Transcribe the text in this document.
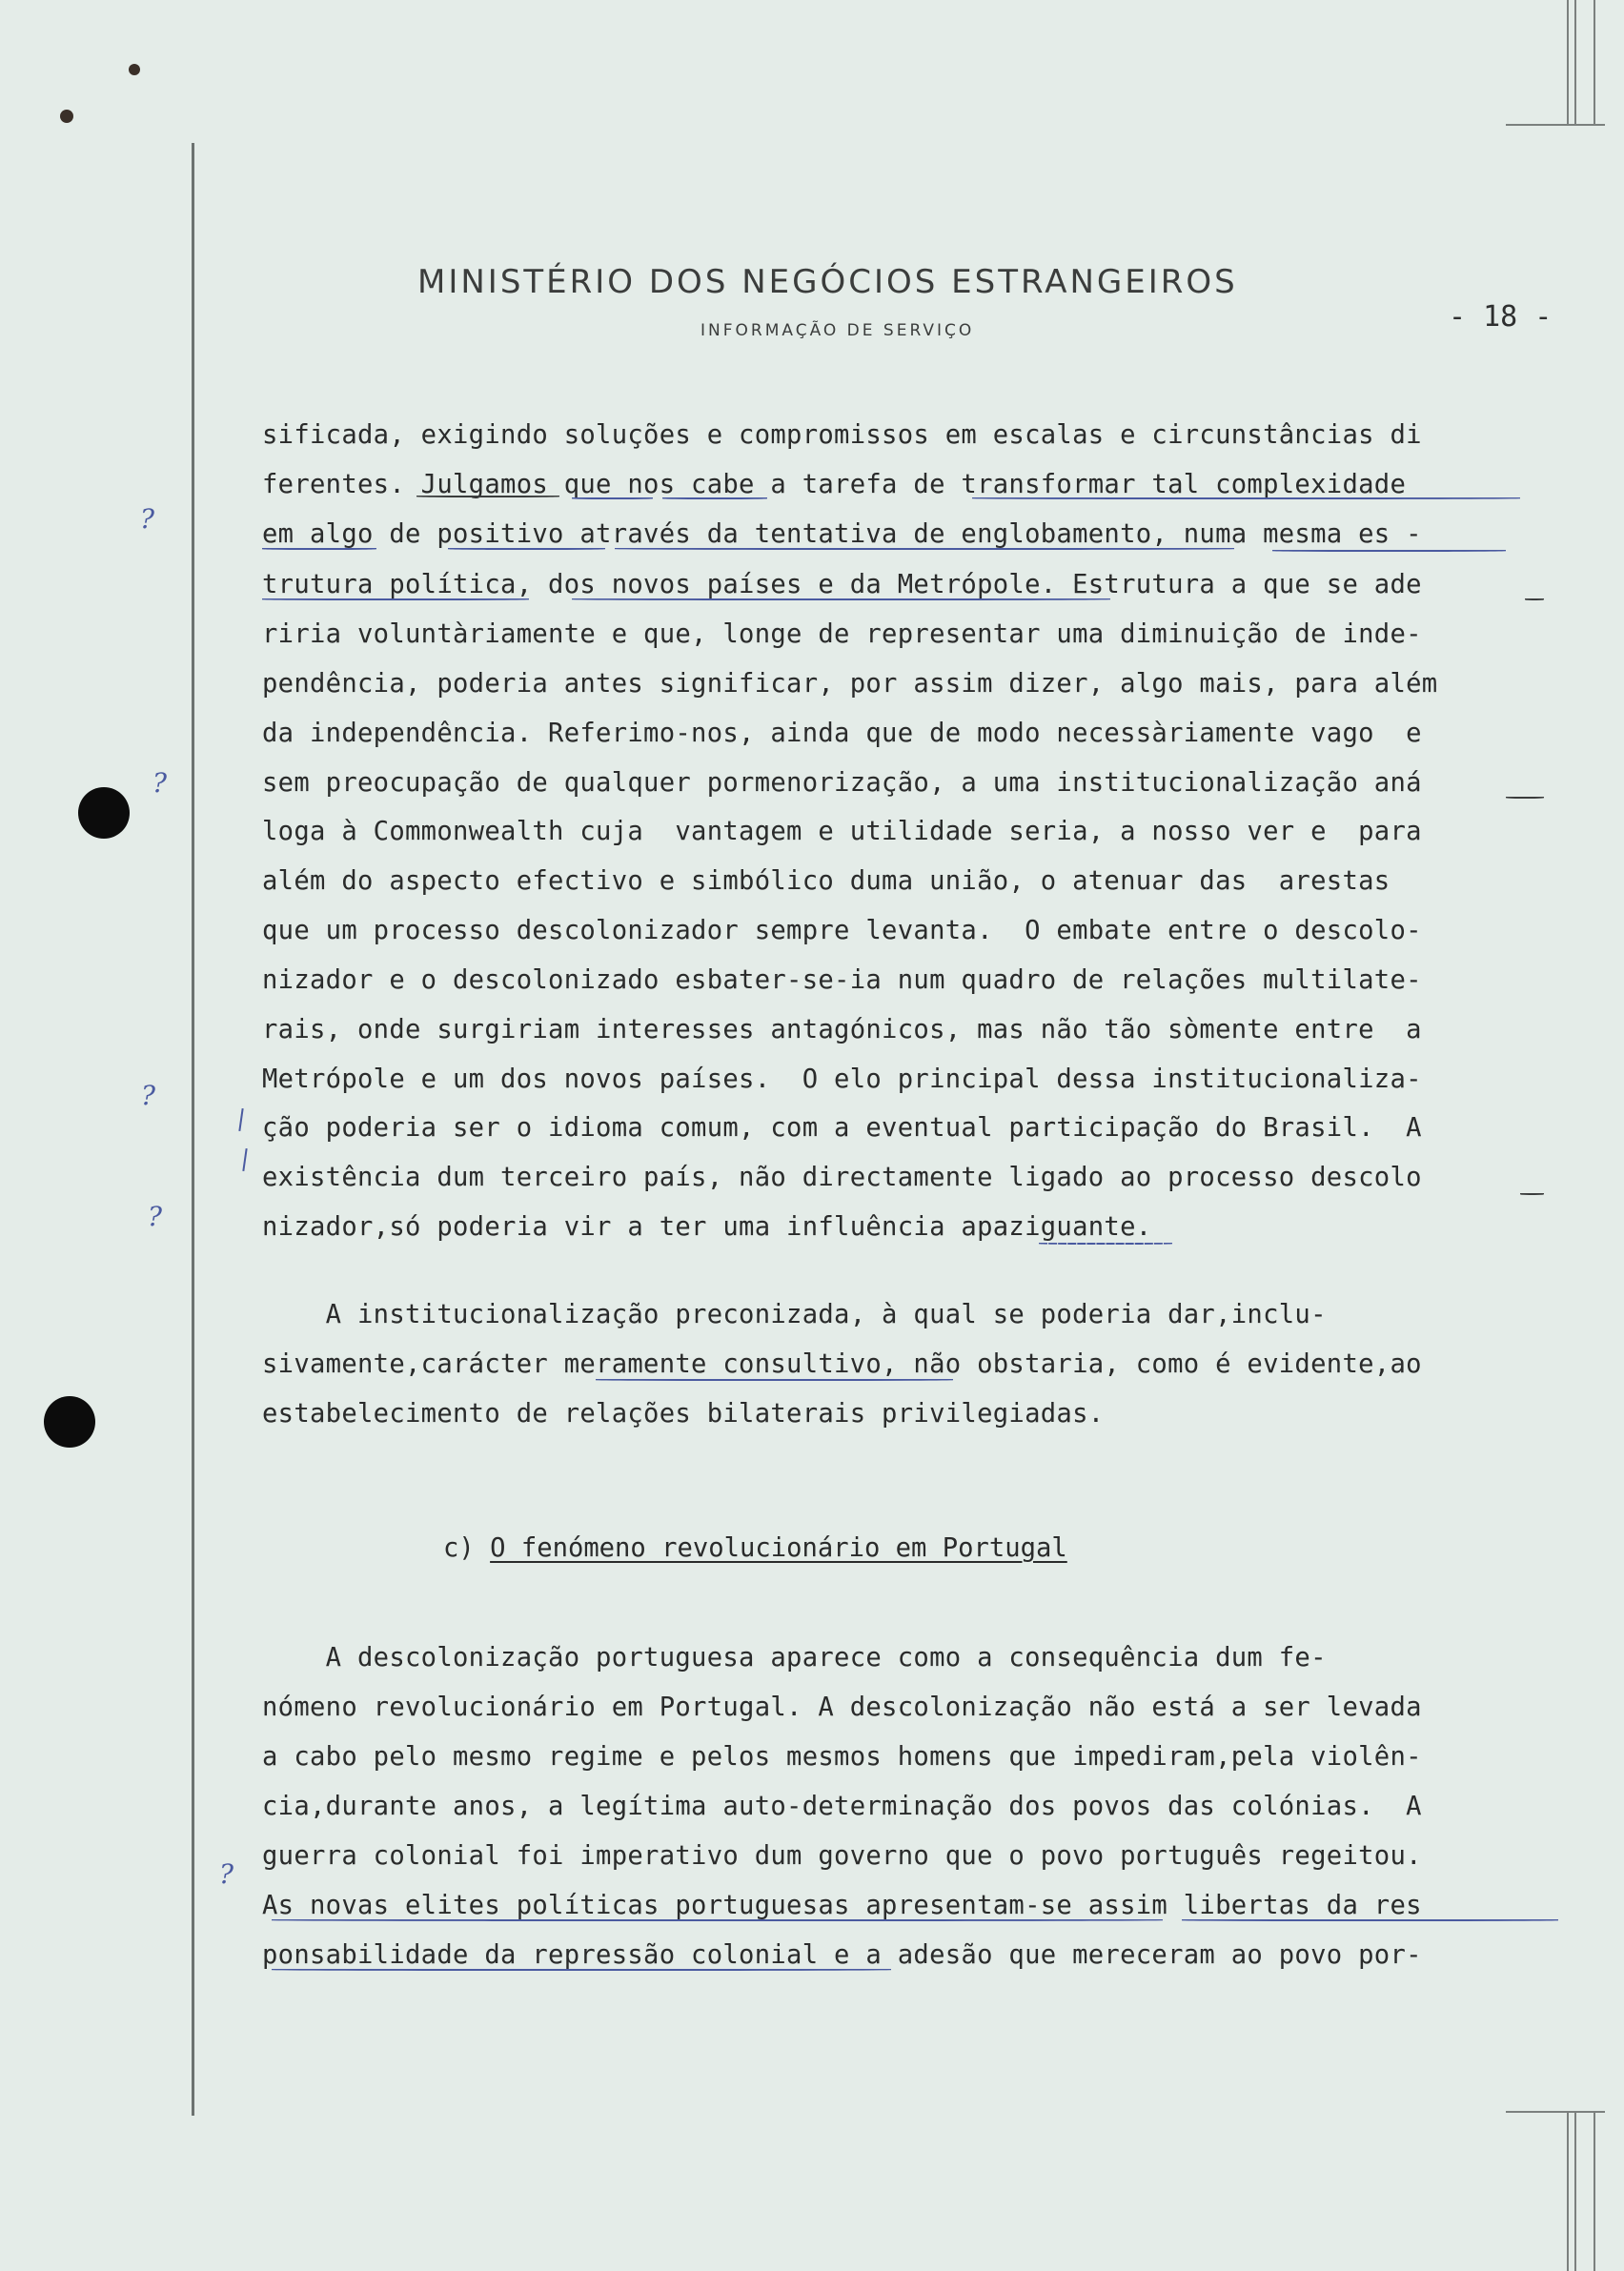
MINISTÉRIO DOS NEGÓCIOS ESTRANGEIROS
INFORMAÇÃO DE SERVIÇO	- 18 -
sificada, exigindo soluções e compromissos em escalas e circunstâncias di
ferentes. Julgamos que nos cabe a tarefa de transformar tal complexidade
em algo de positivo através da tentativa de englobamento, numa mesma es -
trutura política, dos novos países e da Metrópole. Estrutura a que se ade
riria voluntàriamente e que, longe de representar uma diminuição de inde-
pendência, poderia antes significar, por assim dizer, algo mais, para além
da independência. Referimo-nos, ainda que de modo necessàriamente vago  e
sem preocupação de qualquer pormenorização, a uma institucionalização aná
loga à Commonwealth cuja  vantagem e utilidade seria, a nosso ver e  para
além do aspecto efectivo e simbólico duma união, o atenuar das  arestas
que um processo descolonizador sempre levanta.  O embate entre o descolo-
nizador e o descolonizado esbater-se-ia num quadro de relações multilate-
rais, onde surgiriam interesses antagónicos, mas não tão sòmente entre  a
Metrópole e um dos novos países.  O elo principal dessa institucionaliza-
ção poderia ser o idioma comum, com a eventual participação do Brasil.  A
existência dum terceiro país, não directamente ligado ao processo descolo
nizador,só poderia vir a ter uma influência apaziguante.
A institucionalização preconizada, à qual se poderia dar,inclu-
sivamente,carácter meramente consultivo, não obstaria, como é evidente,ao
estabelecimento de relações bilaterais privilegiadas.
c) O fenómeno revolucionário em Portugal
A descolonização portuguesa aparece como a consequência dum fe-
nómeno revolucionário em Portugal. A descolonização não está a ser levada
a cabo pelo mesmo regime e pelos mesmos homens que impediram,pela violên-
cia,durante anos, a legítima auto-determinação dos povos das colónias.  A
guerra colonial foi imperativo dum governo que o povo português regeitou.
As novas elites políticas portuguesas apresentam-se assim libertas da res
ponsabilidade da repressão colonial e a adesão que mereceram ao povo por-
?
?
?
?
?
